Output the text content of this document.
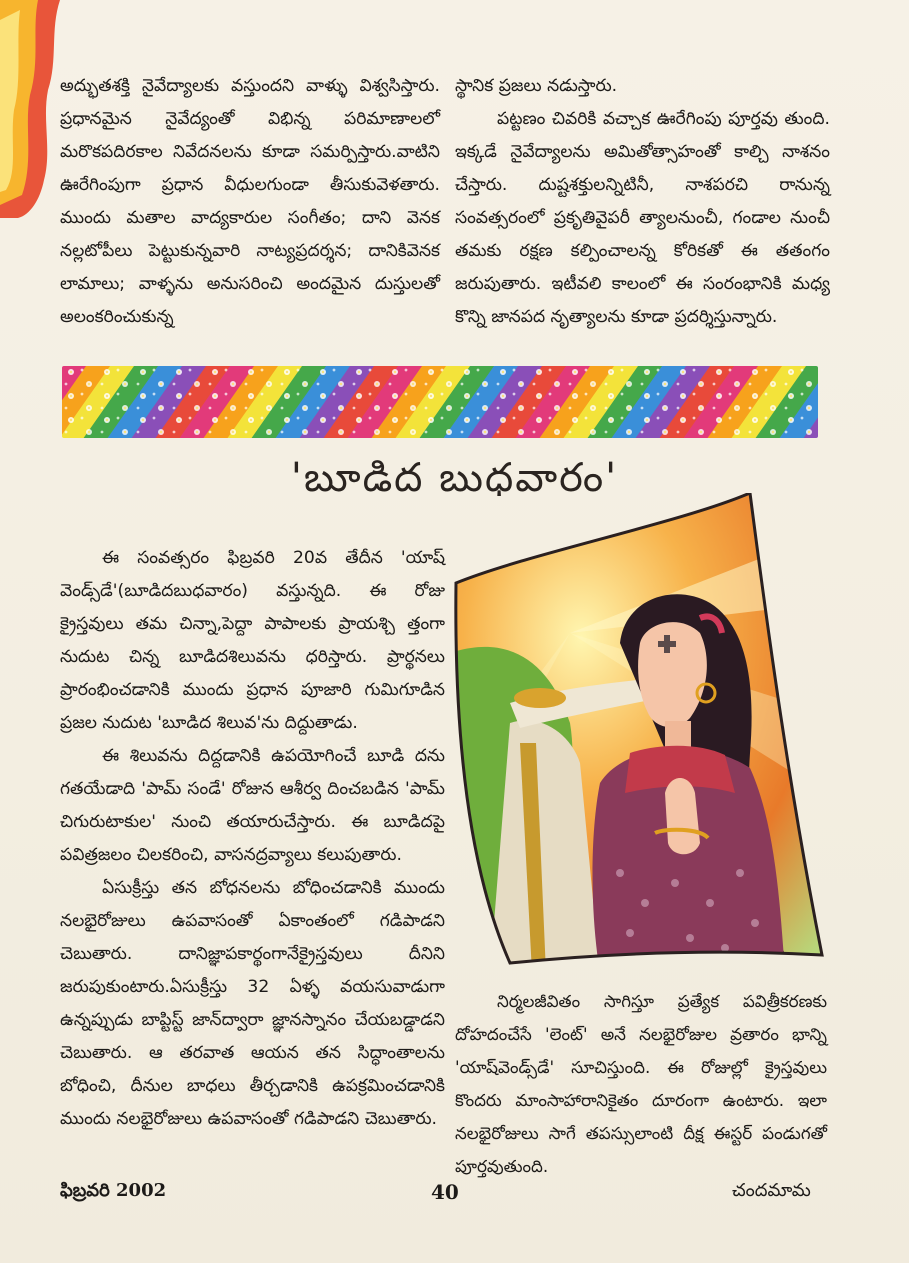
అద్భుతశక్తి నైవేద్యాలకు వస్తుందని వాళ్ళు విశ్వసిస్తారు. ప్రధానమైన నైవేద్యంతో విభిన్న పరిమాణాలలో మరొకపదిరకాల నివేదనలను కూడా సమర్పిస్తారు.వాటిని ఊరేగింపుగా ప్రధాన వీధులగుండా తీసుకువెళతారు. ముందు మతాల వాద్యకారుల సంగీతం; దాని వెనక నల్లటోపీలు పెట్టుకున్నవారి నాట్యప్రదర్శన; దానికివెనక లామాలు; వాళ్ళను అనుసరించి అందమైన దుస్తులతో అలంకరించుకున్న

స్థానిక ప్రజలు నడుస్తారు.

పట్టణం చివరికి వచ్చాక ఊరేగింపు పూర్తవు తుంది. ఇక్కడే నైవేద్యాలను అమితోత్సాహంతో కాల్చి నాశనం చేస్తారు. దుష్టశక్తులన్నిటినీ, నాశపరచి రానున్న సంవత్సరంలో ప్రకృతివైపరీ త్యాలనుంచీ, గండాల నుంచీ తమకు రక్షణ కల్పించాలన్న కోరికతో ఈ తతంగం జరుపుతారు. ఇటీవలి కాలంలో ఈ సంరంభానికి మధ్య కొన్ని జానపద నృత్యాలను కూడా ప్రదర్శిస్తున్నారు.

'బూడిద బుధవారం'

ఈ సంవత్సరం ఫిబ్రవరి 20వ తేదీన 'యాష్ వెండ్స్‌డే'(బూడిదబుధవారం) వస్తున్నది. ఈ రోజు క్రైస్తవులు తమ చిన్నా,పెద్దా పాపాలకు ప్రాయశ్చి త్తంగా నుదుట చిన్న బూడిదశిలువను ధరిస్తారు. ప్రార్థనలు ప్రారంభించడానికి ముందు ప్రధాన పూజారి గుమిగూడిన ప్రజల నుదుట 'బూడిద శిలువ'ను దిద్దుతాడు.

ఈ శిలువను దిద్దడానికి ఉపయోగించే బూడి దను గతయేడాది 'పామ్ సండే' రోజున ఆశీర్వ దించబడిన 'పామ్ చిగురుటాకుల' నుంచి తయారుచేస్తారు. ఈ బూడిదపై పవిత్రజలం చిలకరించి, వాసనద్రవ్యాలు కలుపుతారు.

ఏసుక్రీస్తు తన బోధనలను బోధించడానికి ముందు నలభైరోజులు ఉపవాసంతో ఏకాంతంలో గడిపాడని చెబుతారు. దానిజ్ఞాపకార్థంగానేక్రైస్తవులు దీనిని జరుపుకుంటారు.ఏసుక్రీస్తు 32 ఏళ్ళ వయసువాడుగా ఉన్నప్పుడు బాప్టిస్ట్ జాన్‌ద్వారా జ్ఞానస్నానం చేయబడ్డాడని చెబుతారు. ఆ తరవాత ఆయన తన సిద్ధాంతాలను బోధించి, దీనుల బాధలు తీర్చడానికి ఉపక్రమించడానికి ముందు నలభైరోజులు ఉపవాసంతో గడిపాడని చెబుతారు.

నిర్మలజీవితం సాగిస్తూ ప్రత్యేక పవిత్రీకరణకు దోహదంచేసే 'లెంట్' అనే నలభైరోజుల వ్రతారం భాన్ని 'యాష్‌వెండ్స్‌డే' సూచిస్తుంది. ఈ రోజుల్లో క్రైస్తవులు కొందరు మాంసాహారానికైతం దూరంగా ఉంటారు. ఇలా నలభైరోజులు సాగే తపస్సులాంటి దీక్ష ఈస్టర్ పండుగతో పూర్తవుతుంది.

ఫిబ్రవరి 2002	40	చందమామ
